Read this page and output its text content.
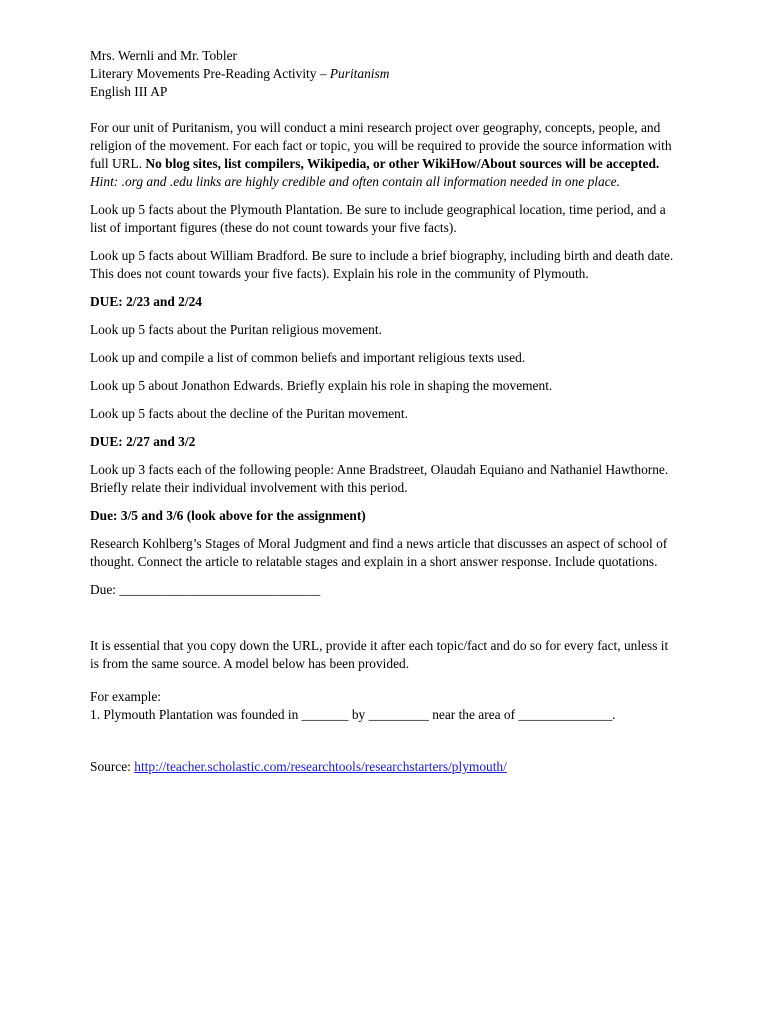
Mrs. Wernli and Mr. Tobler

Literary Movements Pre-Reading Activity – Puritanism

English III AP

For our unit of Puritanism, you will conduct a mini research project over geography, concepts, people, and religion of the movement. For each fact or topic, you will be required to provide the source information with full URL. No blog sites, list compilers, Wikipedia, or other WikiHow/About sources will be accepted. Hint: .org and .edu links are highly credible and often contain all information needed in one place.

Look up 5 facts about the Plymouth Plantation. Be sure to include geographical location, time period, and a list of important figures (these do not count towards your five facts).

Look up 5 facts about William Bradford. Be sure to include a brief biography, including birth and death date. This does not count towards your five facts). Explain his role in the community of Plymouth.

DUE: 2/23 and 2/24

Look up 5 facts about the Puritan religious movement.

Look up and compile a list of common beliefs and important religious texts used.

Look up 5 about Jonathon Edwards. Briefly explain his role in shaping the movement.

Look up 5 facts about the decline of the Puritan movement.

DUE: 2/27 and 3/2

Look up 3 facts each of the following people: Anne Bradstreet, Olaudah Equiano and Nathaniel Hawthorne. Briefly relate their individual involvement with this period.

Due: 3/5 and 3/6 (look above for the assignment)

Research Kohlberg’s Stages of Moral Judgment and find a news article that discusses an aspect of school of thought. Connect the article to relatable stages and explain in a short answer response. Include quotations.

Due: ______________________________

It is essential that you copy down the URL, provide it after each topic/fact and do so for every fact, unless it is from the same source. A model below has been provided.

For example:

1. Plymouth Plantation was founded in _______ by _________ near the area of ______________.

Source: http://teacher.scholastic.com/researchtools/researchstarters/plymouth/
